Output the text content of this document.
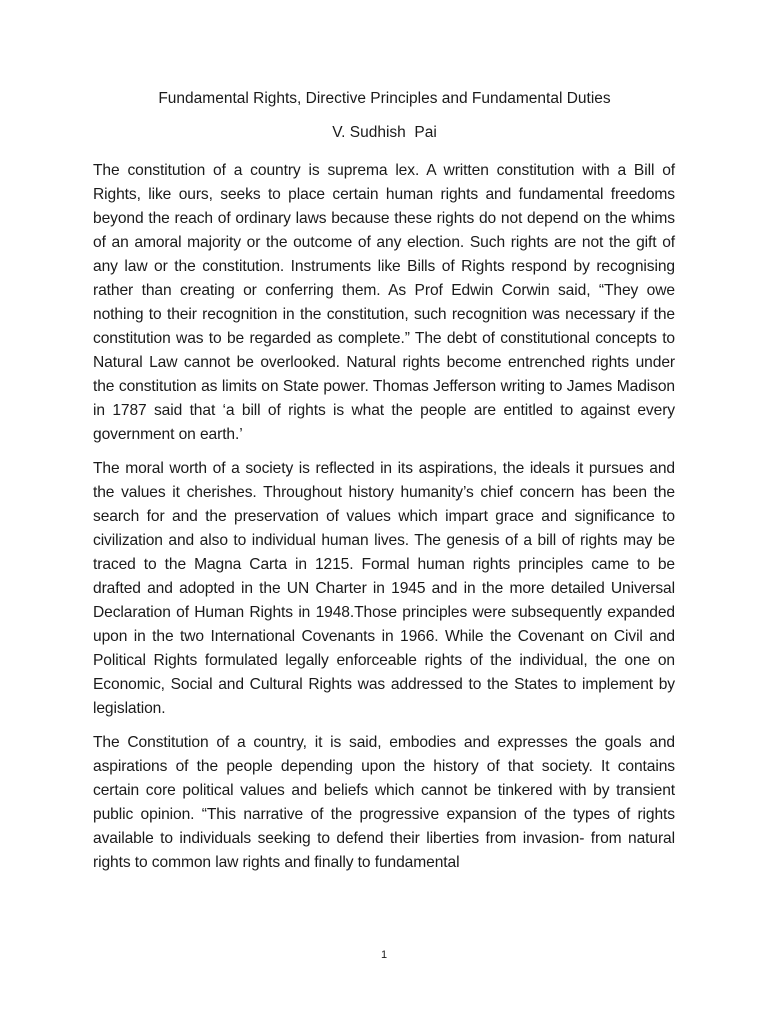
Fundamental Rights, Directive Principles and Fundamental Duties
V. Sudhish  Pai

The constitution of a country is suprema lex. A written constitution with a Bill of Rights, like ours, seeks to place certain human rights and fundamental freedoms beyond the reach of ordinary laws because these rights do not depend on the whims of an amoral majority or the outcome of any election. Such rights are not the gift of any law or the constitution. Instruments like Bills of Rights respond by recognising rather than creating or conferring them. As Prof Edwin Corwin said, “They owe nothing to their recognition in the constitution, such recognition was necessary if the constitution was to be regarded as complete.” The debt of constitutional concepts to Natural Law cannot be overlooked. Natural rights become entrenched rights under the constitution as limits on State power. Thomas Jefferson writing to James Madison in 1787 said that ‘a bill of rights is what the people are entitled to against every government on earth.’

The moral worth of a society is reflected in its aspirations, the ideals it pursues and the values it cherishes. Throughout history humanity’s chief concern has been the search for and the preservation of values which impart grace and significance to civilization and also to individual human lives. The genesis of a bill of rights may be traced to the Magna Carta in 1215. Formal human rights principles came to be drafted and adopted in the UN Charter in 1945 and in the more detailed Universal Declaration of Human Rights in 1948.Those principles were subsequently expanded upon in the two International Covenants in 1966. While the Covenant on Civil and Political Rights formulated legally enforceable rights of the individual, the one on Economic, Social and Cultural Rights was addressed to the States to implement by legislation.

The Constitution of a country, it is said, embodies and expresses the goals and aspirations of the people depending upon the history of that society. It contains certain core political values and beliefs which cannot be tinkered with by transient public opinion. “This narrative of the progressive expansion of the types of rights available to individuals seeking to defend their liberties from invasion- from natural rights to common law rights and finally to fundamental

1
